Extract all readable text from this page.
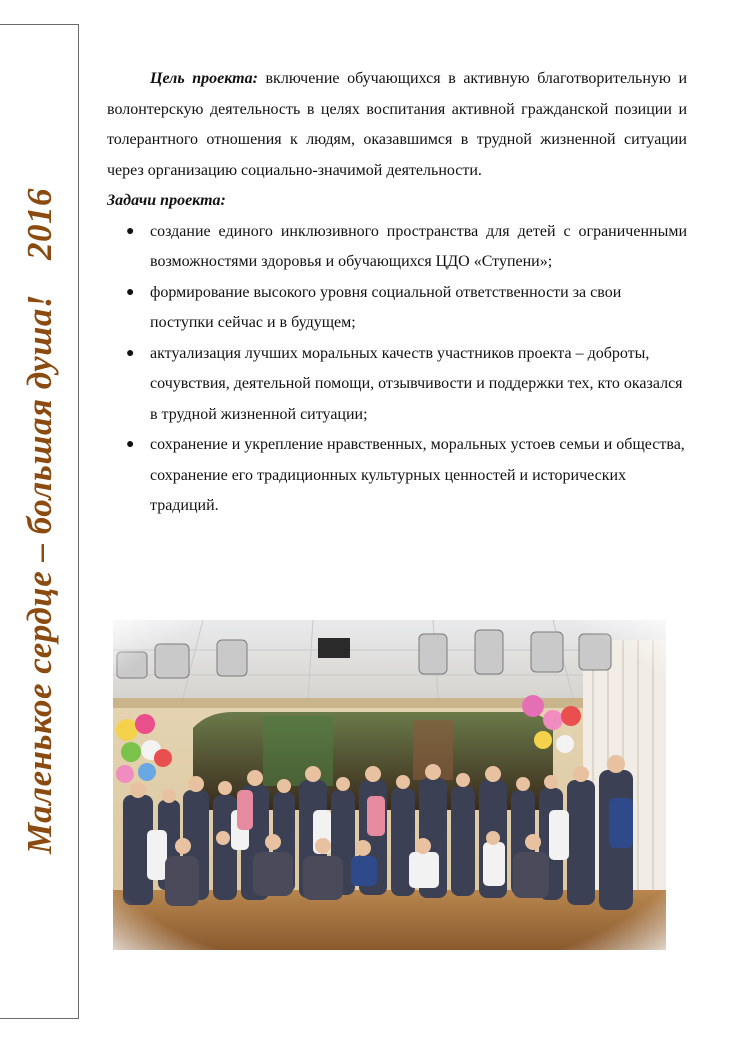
Маленькое сердце – большая душа!2016

Цель проекта: включение обучающихся в активную благотворительную и волонтерскую деятельность в целях воспитания активной гражданской позиции и толерантного отношения к людям, оказавшимся в трудной жизненной ситуации через организацию социально-значимой деятельности.

Задачи проекта:

● создание единого инклюзивного пространства для детей с ограниченными возможностями здоровья и обучающихся ЦДО «Ступени»;
● формирование высокого уровня социальной ответственности за свои поступки сейчас и в будущем;
● актуализация лучших моральных качеств участников проекта – доброты, сочувствия, деятельной помощи, отзывчивости и поддержки тех, кто оказался в трудной жизненной ситуации;
● сохранение и укрепление нравственных, моральных устоев семьи и общества, сохранение его традиционных культурных ценностей и исторических традиций.
